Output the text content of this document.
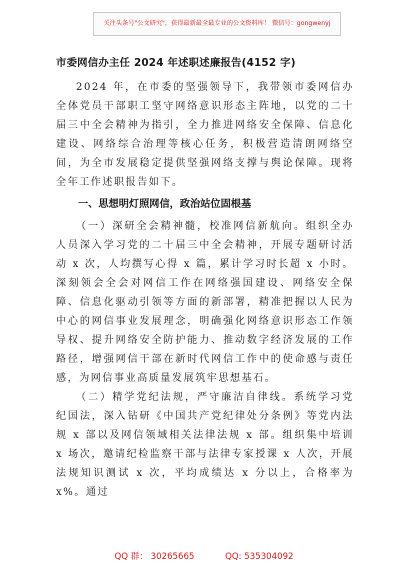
关注头条号"公文研究"，获得最新最全最专业的公文资料库！ 微信号：gongwenyj
市委网信办主任 2024 年述职述廉报告(4152 字)

2024 年，在市委的坚强领导下，我带领市委网信办全体党员干部职工坚守网络意识形态主阵地，以党的二十届三中全会精神为指引，全力推进网络安全保障、信息化建设、网络综合治理等核心任务，积极营造清朗网络空间，为全市发展稳定提供坚强网络支撑与舆论保障。现将全年工作述职报告如下。

一、思想明灯照网信，政治站位固根基

（一）深研全会精神髓，校准网信新航向。组织全办人员深入学习党的二十届三中全会精神，开展专题研讨活动 x 次，人均撰写心得 x 篇，累计学习时长超 x 小时。深刻领会全会对网信工作在网络强国建设、网络安全保障、信息化驱动引领等方面的新部署，精准把握以人民为中心的网信事业发展理念，明确强化网络意识形态工作领导权、提升网络安全防护能力、推动数字经济发展的工作路径，增强网信干部在新时代网信工作中的使命感与责任感，为网信事业高质量发展筑牢思想基石。

（二）精学党纪法规，严守廉洁自律线。系统学习党纪国法，深入钻研《中国共产党纪律处分条例》等党内法规 x 部以及网信领域相关法律法规 x 部。组织集中培训 x 场次，邀请纪检监察干部与法律专家授课 x 人次，开展法规知识测试 x 次，平均成绩达 x 分以上，合格率为 x%。通过

QQ 群： 30265665	QQ: 535304092
